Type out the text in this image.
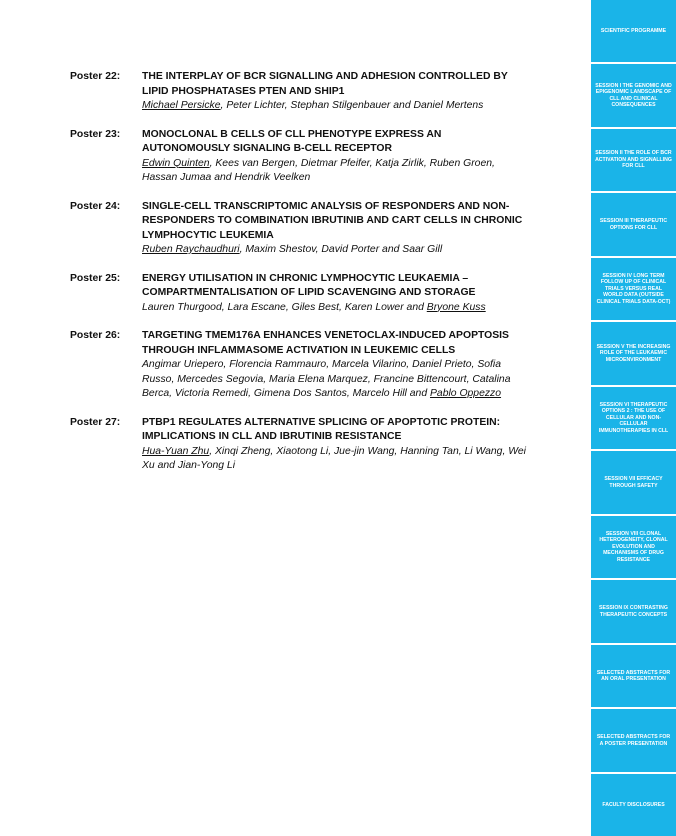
Poster 22:	THE INTERPLAY OF BCR SIGNALLING AND ADHESION CONTROLLED BY LIPID PHOSPHATASES PTEN AND SHIP1

Michael Persicke, Peter Lichter, Stephan Stilgenbauer and Daniel Mertens

Poster 23:	MONOCLONAL B CELLS OF CLL PHENOTYPE EXPRESS AN AUTONOMOUSLY SIGNALING B-CELL RECEPTOR

Edwin Quinten, Kees van Bergen, Dietmar Pfeifer, Katja Zirlik, Ruben Groen, Hassan Jumaa and Hendrik Veelken

Poster 24:	SINGLE-CELL TRANSCRIPTOMIC ANALYSIS OF RESPONDERS AND NON-RESPONDERS TO COMBINATION IBRUTINIB AND CART CELLS IN CHRONIC LYMPHOCYTIC LEUKEMIA

Ruben Raychaudhuri, Maxim Shestov, David Porter and Saar Gill

Poster 25:	ENERGY UTILISATION IN CHRONIC LYMPHOCYTIC LEUKAEMIA – COMPARTMENTALISATION OF LIPID SCAVENGING AND STORAGE

Lauren Thurgood, Lara Escane, Giles Best, Karen Lower and Bryone Kuss

Poster 26:	TARGETING TMEM176A ENHANCES VENETOCLAX-INDUCED APOPTOSIS THROUGH INFLAMMASOME ACTIVATION IN LEUKEMIC CELLS

Angimar Uriepero, Florencia Rammauro, Marcela Vilarino, Daniel Prieto, Sofia Russo, Mercedes Segovia, Maria Elena Marquez, Francine Bittencourt, Catalina Berca, Victoria Remedi, Gimena Dos Santos, Marcelo Hill and Pablo Oppezzo

Poster 27:	PTBP1 REGULATES ALTERNATIVE SPLICING OF APOPTOTIC PROTEIN: IMPLICATIONS IN CLL AND IBRUTINIB RESISTANCE

Hua-Yuan Zhu, Xinqi Zheng, Xiaotong Li, Jue-jin Wang, Hanning Tan, Li Wang, Wei Xu and Jian-Yong Li

SCIENTIFIC PROGRAMME
SESSION I THE GENOMIC AND EPIGENOMIC LANDSCAPE OF CLL AND CLINICAL CONSEQUENCES
SESSION II THE ROLE OF BCR ACTIVATION AND SIGNALLING FOR CLL
SESSION III THERAPEUTIC OPTIONS FOR CLL
SESSION IV LONG TERM FOLLOW UP OF CLINICAL TRIALS VERSUS REAL WORLD DATA (OUTSIDE CLINICAL TRIALS DATA-OCT)
SESSION V THE INCREASING ROLE OF THE LEUKAEMIC MICROENVIRONMENT
SESSION VI THERAPEUTIC OPTIONS 2 : THE USE OF CELLULAR AND NON-CELLULAR IMMUNOTHERAPIES IN CLL
SESSION VII EFFICACY THROUGH SAFETY
SESSION VIII CLONAL HETEROGENEITY, CLONAL EVOLUTION AND MECHANISMS OF DRUG RESISTANCE
SESSION IX CONTRASTING THERAPEUTIC CONCEPTS
SELECTED ABSTRACTS FOR AN ORAL PRESENTATION
SELECTED ABSTRACTS FOR A POSTER PRESENTATION
FACULTY DISCLOSURES
